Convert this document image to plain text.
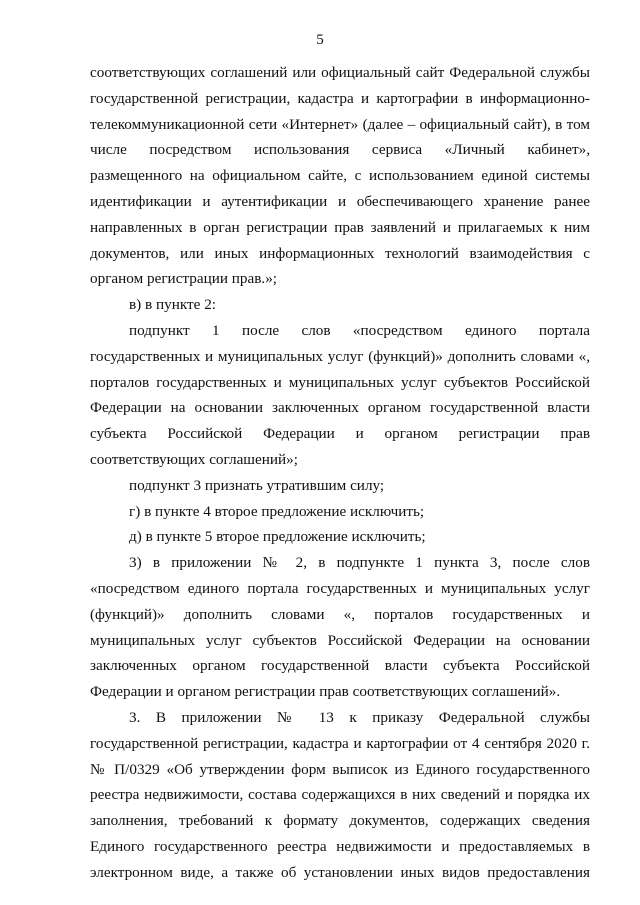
5

соответствующих соглашений или официальный сайт Федеральной службы государственной регистрации, кадастра и картографии в информационно-телекоммуникационной сети «Интернет» (далее – официальный сайт), в том числе посредством использования сервиса «Личный кабинет», размещенного на официальном сайте, с использованием единой системы идентификации и аутентификации и обеспечивающего хранение ранее направленных в орган регистрации прав заявлений и прилагаемых к ним документов, или иных информационных технологий взаимодействия с органом регистрации прав.»;

в) в пункте 2:

подпункт 1 после слов «посредством единого портала государственных и муниципальных услуг (функций)» дополнить словами «, порталов государственных и муниципальных услуг субъектов Российской Федерации на основании заключенных органом государственной власти субъекта Российской Федерации и органом регистрации прав соответствующих соглашений»;

подпункт 3 признать утратившим силу;

г) в пункте 4 второе предложение исключить;

д) в пункте 5 второе предложение исключить;

3) в приложении № 2, в подпункте 1 пункта 3, после слов «посредством единого портала государственных и муниципальных услуг (функций)» дополнить словами «, порталов государственных и муниципальных услуг субъектов Российской Федерации на основании заключенных органом государственной власти субъекта Российской Федерации и органом регистрации прав соответствующих соглашений».

3. В приложении № 13 к приказу Федеральной службы государственной регистрации, кадастра и картографии от 4 сентября 2020 г. № П/0329 «Об утверждении форм выписок из Единого государственного реестра недвижимости, состава содержащихся в них сведений и порядка их заполнения, требований к формату документов, содержащих сведения Единого государственного реестра недвижимости и предоставляемых в электронном виде, а также об установлении иных видов предоставления
